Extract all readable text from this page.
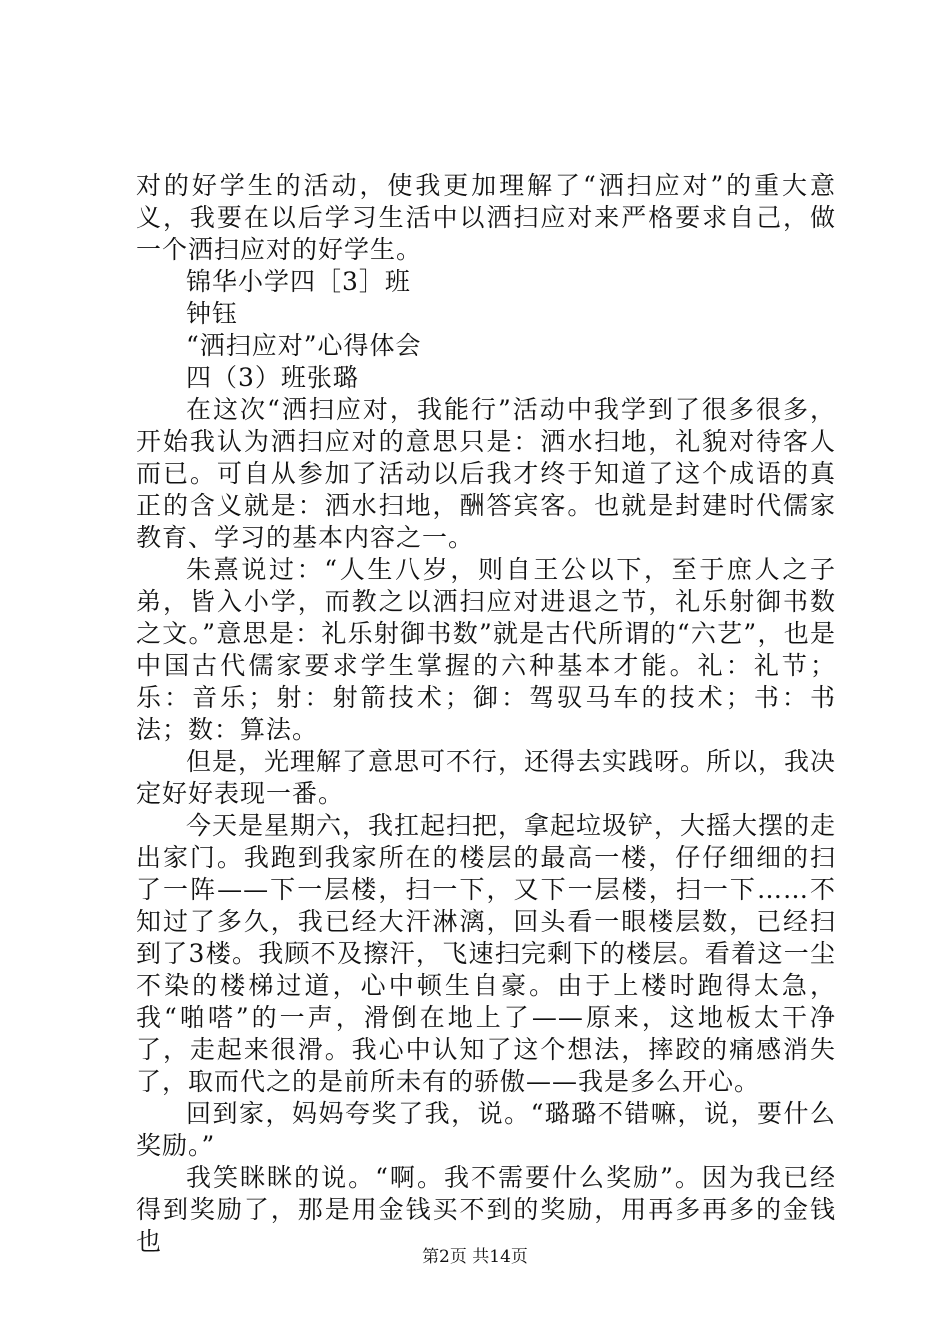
对的好学生的活动，使我更加理解了“洒扫应对”的重大意义，我要在以后学习生活中以洒扫应对来严格要求自己，做一个洒扫应对的好学生。

锦华小学四［3］班

钟钰

“洒扫应对”心得体会

四（3）班张璐

在这次“洒扫应对，我能行”活动中我学到了很多很多，开始我认为洒扫应对的意思只是：洒水扫地，礼貌对待客人而已。可自从参加了活动以后我才终于知道了这个成语的真正的含义就是：洒水扫地，酬答宾客。也就是封建时代儒家教育、学习的基本内容之一。

朱熹说过：“人生八岁，则自王公以下，至于庶人之子弟，皆入小学，而教之以洒扫应对进退之节，礼乐射御书数之文。”意思是：礼乐射御书数”就是古代所谓的“六艺”，也是中国古代儒家要求学生掌握的六种基本才能。礼：礼节；乐：音乐；射：射箭技术；御：驾驭马车的技术；书：书法；数：算法。

但是，光理解了意思可不行，还得去实践呀。所以，我决定好好表现一番。

今天是星期六，我扛起扫把，拿起垃圾铲，大摇大摆的走出家门。我跑到我家所在的楼层的最高一楼，仔仔细细的扫了一阵——下一层楼，扫一下，又下一层楼，扫一下……不知过了多久，我已经大汗淋漓，回头看一眼楼层数，已经扫到了3楼。我顾不及擦汗，飞速扫完剩下的楼层。看着这一尘不染的楼梯过道，心中顿生自豪。由于上楼时跑得太急，我“啪嗒”的一声，滑倒在地上了——原来，这地板太干净了，走起来很滑。我心中认知了这个想法，摔跤的痛感消失了，取而代之的是前所未有的骄傲——我是多么开心。

回到家，妈妈夸奖了我，说。“璐璐不错嘛，说，要什么奖励。”

我笑眯眯的说。“啊。我不需要什么奖励”。因为我已经得到奖励了，那是用金钱买不到的奖励，用再多再多的金钱也

第2页 共14页
